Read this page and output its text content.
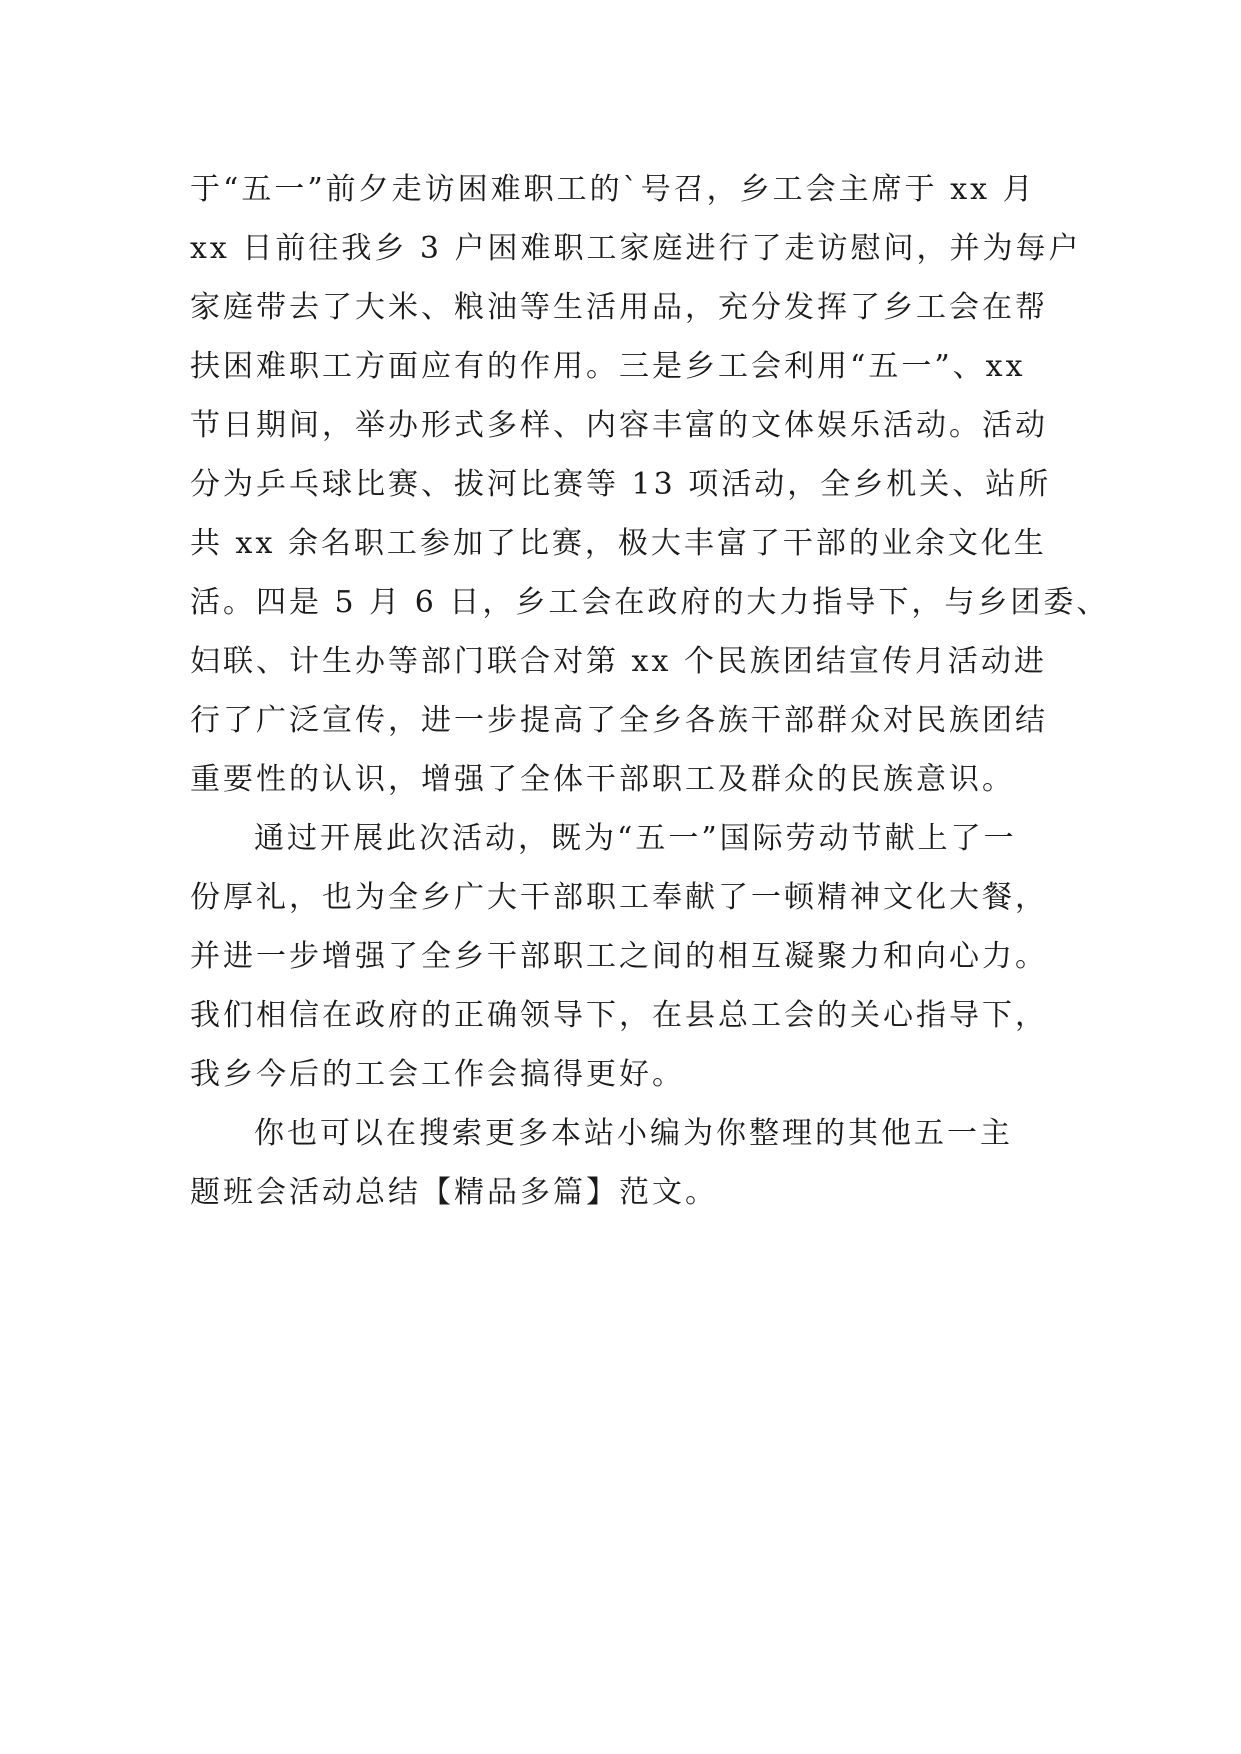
于“五一”前夕走访困难职工的`号召，乡工会主席于 xx 月
xx 日前往我乡 3 户困难职工家庭进行了走访慰问，并为每户
家庭带去了大米、粮油等生活用品，充分发挥了乡工会在帮
扶困难职工方面应有的作用。三是乡工会利用“五一”、xx
节日期间，举办形式多样、内容丰富的文体娱乐活动。活动
分为乒乓球比赛、拔河比赛等 13 项活动，全乡机关、站所
共 xx 余名职工参加了比赛，极大丰富了干部的业余文化生
活。四是 5 月 6 日，乡工会在政府的大力指导下，与乡团委、
妇联、计生办等部门联合对第 xx 个民族团结宣传月活动进
行了广泛宣传，进一步提高了全乡各族干部群众对民族团结
重要性的认识，增强了全体干部职工及群众的民族意识。
通过开展此次活动，既为“五一”国际劳动节献上了一
份厚礼，也为全乡广大干部职工奉献了一顿精神文化大餐，
并进一步增强了全乡干部职工之间的相互凝聚力和向心力。
我们相信在政府的正确领导下，在县总工会的关心指导下，
我乡今后的工会工作会搞得更好。
你也可以在搜索更多本站小编为你整理的其他五一主
题班会活动总结【精品多篇】范文。
